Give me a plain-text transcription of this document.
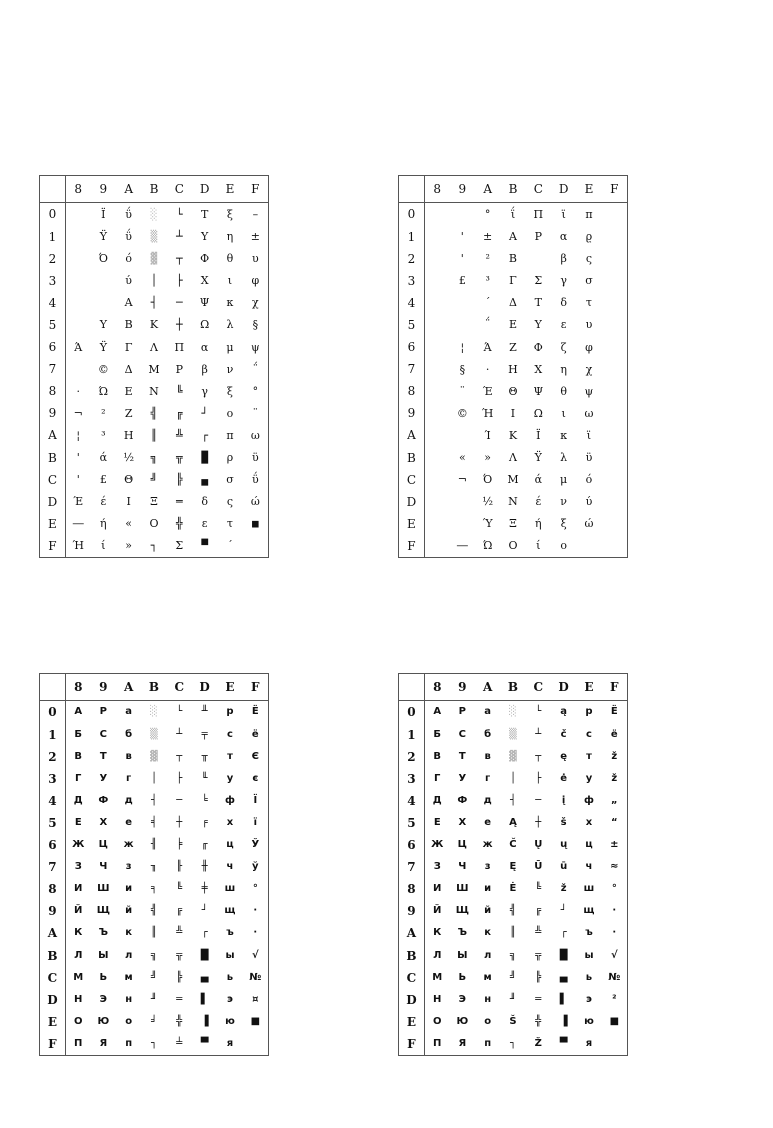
	8	9	A	B	C	D	E	F
0		Ϊ	ΰ	░	└	Τ	ξ	–
1		Ϋ	ΰ	▒	┴	Υ	η	±
2		Ό	ό	▓	┬	Φ	θ	υ
3			ύ	│	├	Χ	ι	φ
4			Α	┤	─	Ψ	κ	χ
5		Υ	Β	Κ	┼	Ω	λ	§
6	Ά	Ϋ	Γ	Λ	Π	α	μ	ψ
7		©	Δ	Μ	Ρ	β	ν	΅
8	·	Ώ	Ε	Ν	╚	γ	ξ	°
9	¬	²	Ζ	╣	╔	┘	ο	¨
A	¦	³	Η	║	╩	┌	π	ω
B	'	ά	½	╗	╦	█	ρ	ϋ
C	'	£	Θ	╝	╠	▄	σ	ΰ
D	Έ	έ	Ι	Ξ	═	δ	ς	ώ
E	―	ή	«	Ο	╬	ε	τ	■
F	Ή	ί	»	┐	Σ	▀	΄	
	8	9	A	B	C	D	E	F
0			°	ΐ	Π	ϊ	π	
1		'	±	Α	Ρ	α	ϱ	
2		'	²	Β		β	ς	
3		£	³	Γ	Σ	γ	σ	
4			΄	Δ	Τ	δ	τ	
5			΅	Ε	Υ	ε	υ	
6		¦	Ά	Ζ	Φ	ζ	φ	
7		§	·	Η	Χ	η	χ	
8		¨	Έ	Θ	Ψ	θ	ψ	
9		©	Ή	Ι	Ω	ι	ω	
A			Ί	Κ	Ϊ	κ	ϊ	
B		«	»	Λ	Ϋ	λ	ϋ	
C		¬	Ό	Μ	ά	μ	ό	
D			½	Ν	έ	ν	ύ	
E			Ύ	Ξ	ή	ξ	ώ	
F		―	Ώ	Ο	ί	ο		
	8	9	A	B	C	D	E	F
0	А	Р	а	░	└	╨	р	Ё
1	Б	С	б	▒	┴	╤	с	ё
2	В	Т	в	▓	┬	╥	т	Є
3	Г	У	г	│	├	╙	у	є
4	Д	Ф	д	┤	─	╘	ф	Ї
5	Е	Х	е	╡	┼	╒	х	ї
6	Ж	Ц	ж	╢	╞	╓	ц	Ў
7	З	Ч	з	╖	╟	╫	ч	ў
8	И	Ш	и	╕	╚	╪	ш	°
9	Й	Щ	й	╣	╔	┘	щ	∙
A	К	Ъ	к	║	╩	┌	ъ	·
B	Л	Ы	л	╗	╦	█	ы	√
C	М	Ь	м	╝	╠	▄	ь	№
D	Н	Э	н	╜	═	▌	э	¤
E	О	Ю	о	╛	╬	▐	ю	■
F	П	Я	п	┐	╧	▀	я	
	8	9	A	B	C	D	E	F
0	А	Р	а	░	└	ą	р	Ё
1	Б	С	б	▒	┴	č	с	ë
2	В	Т	в	▓	┬	ę	т	ž
3	Г	У	г	│	├	ė	у	ž
4	Д	Ф	д	┤	─	į	ф	„
5	Е	Х	е	Ą	┼	š	х	“
6	Ж	Ц	ж	Č	Ų	ų	ц	±
7	З	Ч	з	Ę	Ū	ū	ч	≈
8	И	Ш	и	Ė	╚	ž	ш	°
9	Й	Щ	й	╣	╔	┘	щ	∙
A	К	Ъ	к	║	╩	┌	ъ	·
B	Л	Ы	л	╗	╦	█	ы	√
C	М	Ь	м	╝	╠	▄	ь	№
D	Н	Э	н	╜	═	▌	э	²
E	О	Ю	о	Š	╬	▐	ю	■
F	П	Я	п	┐	Ž	▀	я	
